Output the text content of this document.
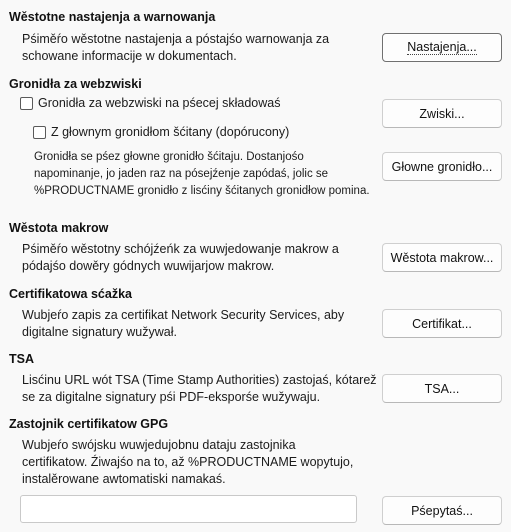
Wěstotne nastajenja a warnowanja
Pśiměŕo wěstotne nastajenja a póstajśo warnowanja za
schowane informacije w dokumentach.
Nastajenja...
Gronidła za webzwiski
Gronidła za webzwiski na pśecej składowaś
Zwiski...
Z głownym gronidłom šćitany (dopórucony)
Gronidła se pśez głowne gronidło šćitaju. Dostanjośo
napominanje, jo jaden raz na pósejźenje zapódaś, jolic se
%PRODUCTNAME gronidło z lisćiny šćitanych gronidłow pomina.
Głowne gronidło...
Wěstota makrow
Pśiměŕo wěstotny schójźeńk za wuwjedowanje makrow a
pódajśo dowěry gódnych wuwijarjow makrow.
Wěstota makrow...
Certifikatowa sćažka
Wubjeŕo zapis za certifikat Network Security Services, aby
digitalne signatury wužywał.
Certifikat...
TSA
Lisćinu URL wót TSA (Time Stamp Authorities) zastojaś, kótarež
se za digitalne signatury pśi PDF-eksporśe wužywaju.
TSA...
Zastojnik certifikatow GPG
Wubjeŕo swójsku wuwjedujobnu dataju zastojnika
certifikatow. Źiwajśo na to, až %PRODUCTNAME wopytujo,
instalěrowane awtomatiski namakaś.
Pśepytaś...
